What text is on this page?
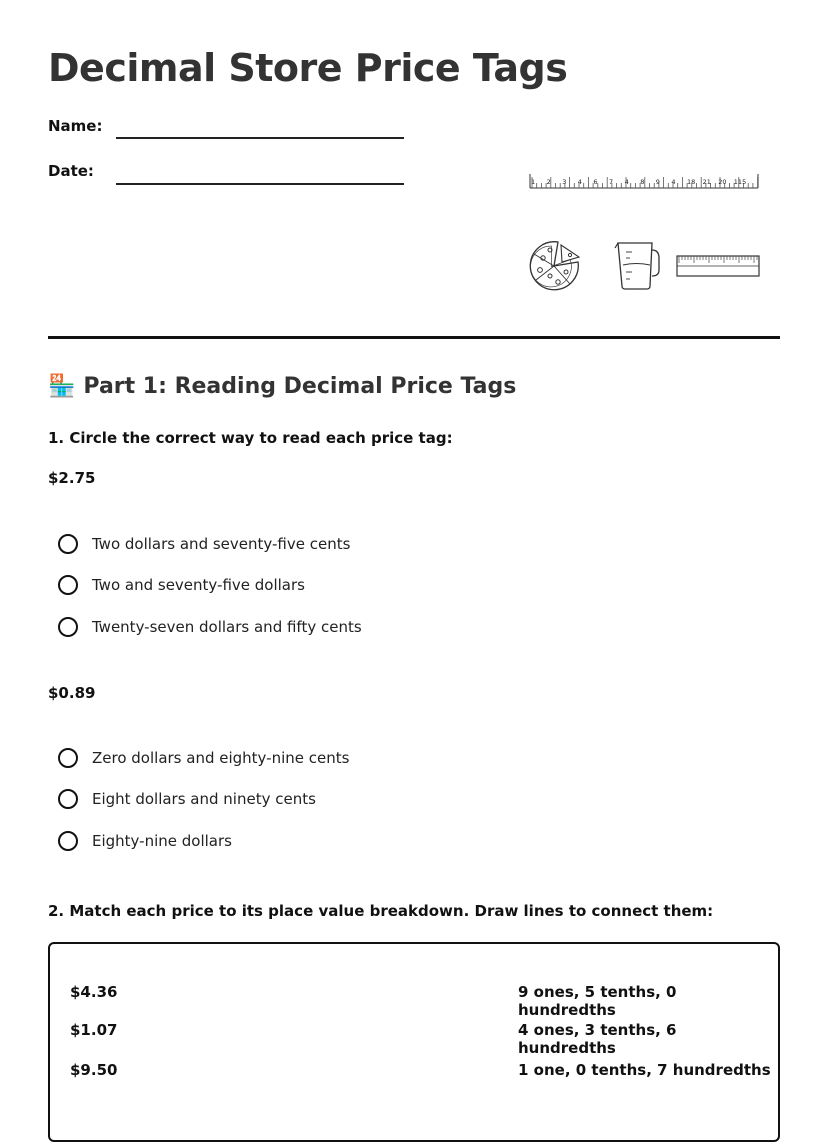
Decimal Store Price Tags
Name:
Date:
1 2 3 4 6 7 4 8 9 4 18 21 20 115
🏪 Part 1: Reading Decimal Price Tags
1. Circle the correct way to read each price tag:
$2.75
Two dollars and seventy-five cents
Two and seventy-five dollars
Twenty-seven dollars and fifty cents
$0.89
Zero dollars and eighty-nine cents
Eight dollars and ninety cents
Eighty-nine dollars
2. Match each price to its place value breakdown. Draw lines to connect them:
$4.36
$1.07
$9.50
9 ones, 5 tenths, 0 hundredths
4 ones, 3 tenths, 6 hundredths
1 one, 0 tenths, 7 hundredths
